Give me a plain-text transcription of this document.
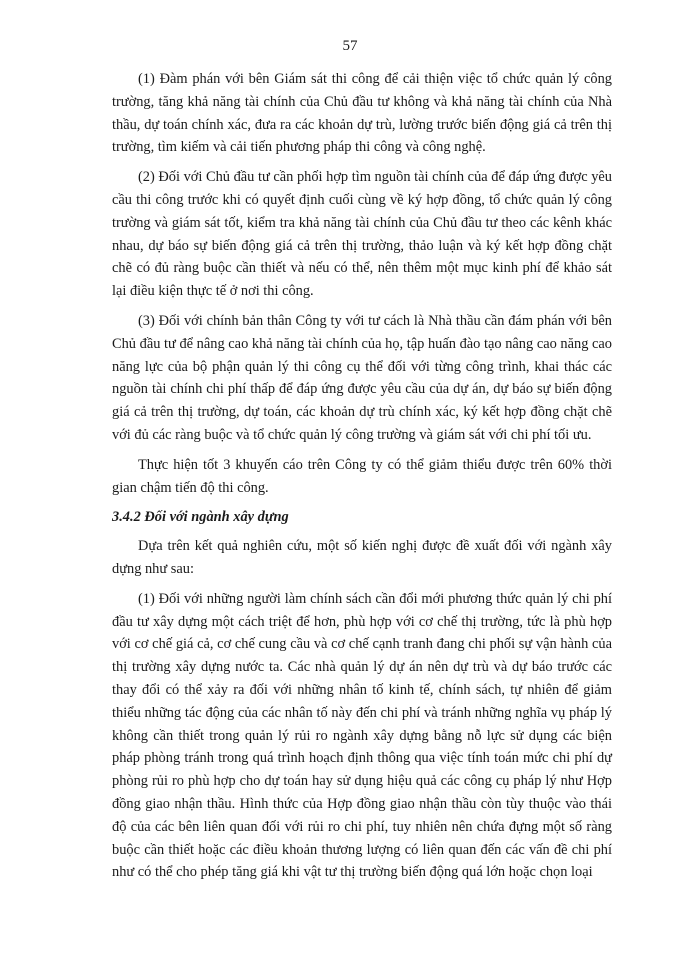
57

(1) Đàm phán với bên Giám sát thi công để cải thiện việc tổ chức quản lý công trường, tăng khả năng tài chính của Chủ đầu tư không và khả năng tài chính của Nhà thầu, dự toán chính xác, đưa ra các khoản dự trù, lường trước biến động giá cả trên thị trường, tìm kiếm và cải tiến phương pháp thi công và công nghệ.

(2) Đối với Chủ đầu tư cần phối hợp tìm nguồn tài chính của để đáp ứng được yêu cầu thi công trước khi có quyết định cuối cùng về ký hợp đồng, tổ chức quản lý công trường và giám sát tốt, kiểm tra khả năng tài chính của Chủ đầu tư theo các kênh khác nhau, dự báo sự biến động giá cả trên thị trường, thảo luận và ký kết hợp đồng chặt chẽ có đủ ràng buộc cần thiết và nếu có thể, nên thêm một mục kinh phí để khảo sát lại điều kiện thực tế ở nơi thi công.

(3) Đối với chính bản thân Công ty với tư cách là Nhà thầu cần đám phán với bên Chủ đầu tư để nâng cao khả năng tài chính của họ, tập huấn đào tạo nâng cao năng cao năng lực của bộ phận quản lý thi công cụ thể đối với từng công trình, khai thác các nguồn tài chính chi phí thấp để đáp ứng được yêu cầu của dự án, dự báo sự biến động giá cả trên thị trường, dự toán, các khoản dự trù chính xác, ký kết hợp đồng chặt chẽ với đủ các ràng buộc và tổ chức quản lý công trường và giám sát với chi phí tối ưu.

Thực hiện tốt 3 khuyến cáo trên Công ty có thể giảm thiểu được trên 60% thời gian chậm tiến độ thi công.

3.4.2 Đối với ngành xây dựng

Dựa trên kết quả nghiên cứu, một số kiến nghị được đề xuất đối với ngành xây dựng như sau:

(1) Đối với những người làm chính sách cần đổi mới phương thức quản lý chi phí đầu tư xây dựng một cách triệt để hơn, phù hợp với cơ chế thị trường, tức là phù hợp với cơ chế giá cả, cơ chế cung cầu và cơ chế cạnh tranh đang chi phối sự vận hành của thị trường xây dựng nước ta. Các nhà quản lý dự án nên dự trù và dự báo trước các thay đổi có thể xảy ra đối với những nhân tố kinh tế, chính sách, tự nhiên để giảm thiểu những tác động của các nhân tố này đến chi phí và tránh những nghĩa vụ pháp lý không cần thiết trong quản lý rủi ro ngành xây dựng bằng nỗ lực sử dụng các biện pháp phòng tránh trong quá trình hoạch định thông qua việc tính toán mức chi phí dự phòng rủi ro phù hợp cho dự toán hay sử dụng hiệu quả các công cụ pháp lý như Hợp đồng giao nhận thầu. Hình thức của Hợp đồng giao nhận thầu còn tùy thuộc vào thái độ của các bên liên quan đối với rủi ro chi phí, tuy nhiên nên chứa đựng một số ràng buộc cần thiết hoặc các điều khoản thương lượng có liên quan đến các vấn đề chi phí như có thể cho phép tăng giá khi vật tư thị trường biến động quá lớn hoặc chọn loại
